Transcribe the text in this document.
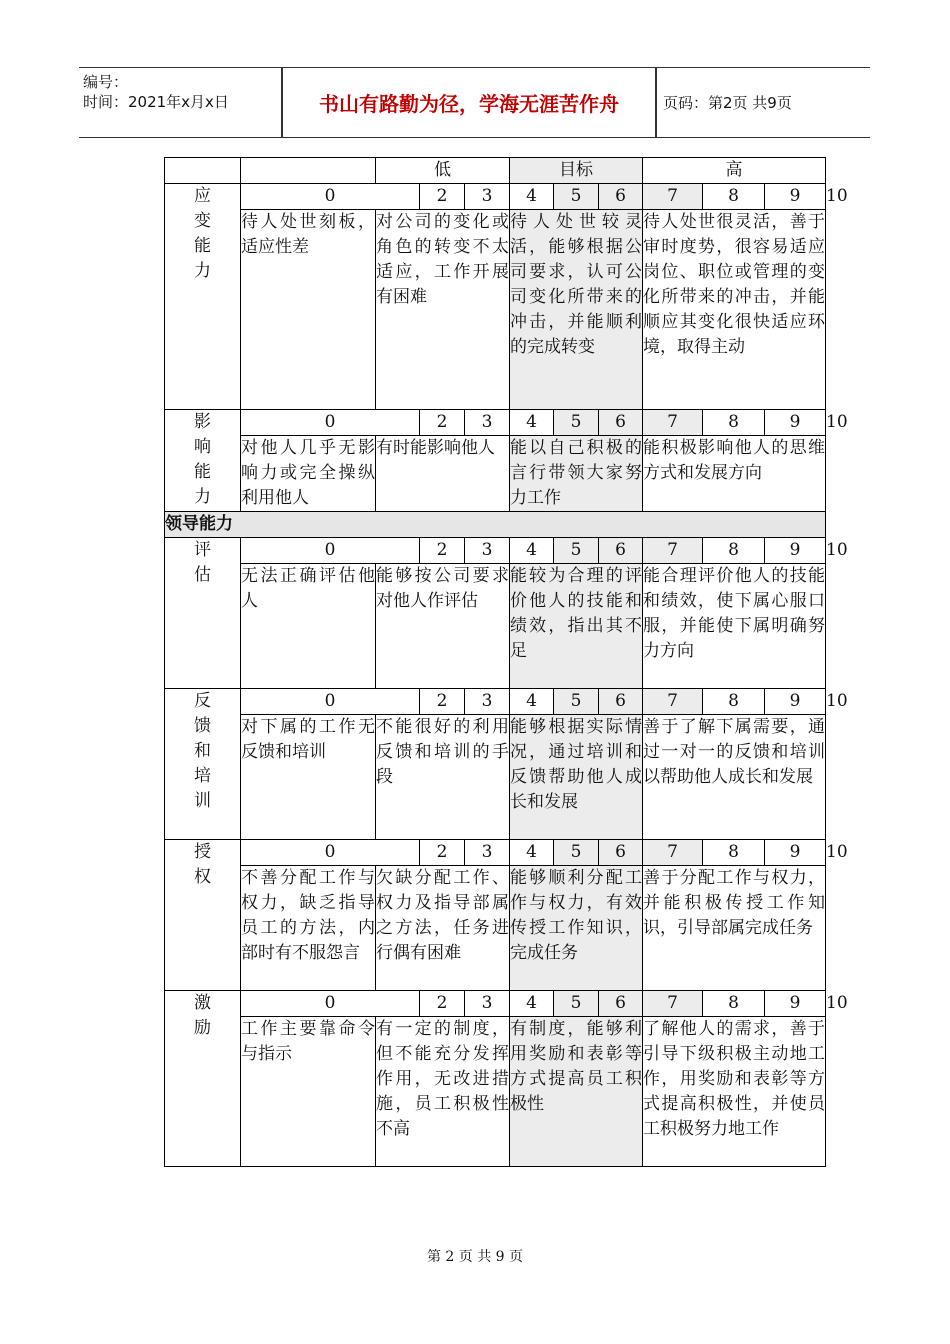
编号：
时间：2021年x月x日	书山有路勤为径，学海无涯苦作舟	页码：第2页 共9页
		低			目标			高			

应
变
能
力	0		2	3	4	5	6	7	8	9	10
	待人处世刻板，适应性差	对公司的变化或角色的转变不太适应，工作开展有困难			待人处世较灵活，能够根据公司要求，认可公司变化所带来的冲击，并能顺利的完成转变			待人处世很灵活，善于审时度势，很容易适应岗位、职位或管理的变化所带来的冲击，并能顺应其变化很快适应环境，取得主动			

影
响
能
力	0		2	3	4	5	6	7	8	9	10
	对他人几乎无影响力或完全操纵利用他人	有时能影响他人			能以自己积极的言行带领大家努力工作			能积极影响他人的思维方式和发展方向			
领导能力											

评
估	0		2	3	4	5	6	7	8	9	10
	无法正确评估他人	能够按公司要求对他人作评估			能较为合理的评价他人的技能和绩效，指出其不足			能合理评价他人的技能和绩效，使下属心服口服，并能使下属明确努力方向			

反
馈
和
培
训	0		2	3	4	5	6	7	8	9	10
	对下属的工作无反馈和培训	不能很好的利用反馈和培训的手段			能够根据实际情况，通过培训和反馈帮助他人成长和发展			善于了解下属需要，通过一对一的反馈和培训以帮助他人成长和发展			

授
权	0		2	3	4	5	6	7	8	9	10
	不善分配工作与权力，缺乏指导员工的方法，内部时有不服怨言	欠缺分配工作、权力及指导部属之方法，任务进行偶有困难			能够顺利分配工作与权力，有效传授工作知识，完成任务			善于分配工作与权力，并能积极传授工作知识，引导部属完成任务			

激
励	0		2	3	4	5	6	7	8	9	10
	工作主要靠命令与指示	有一定的制度，但不能充分发挥作用，无改进措施，员工积极性不高			有制度，能够利用奖励和表彰等方式提高员工积极性			了解他人的需求，善于引导下级积极主动地工作，用奖励和表彰等方式提高积极性，并使员工积极努力地工作			
第 2 页 共 9 页
